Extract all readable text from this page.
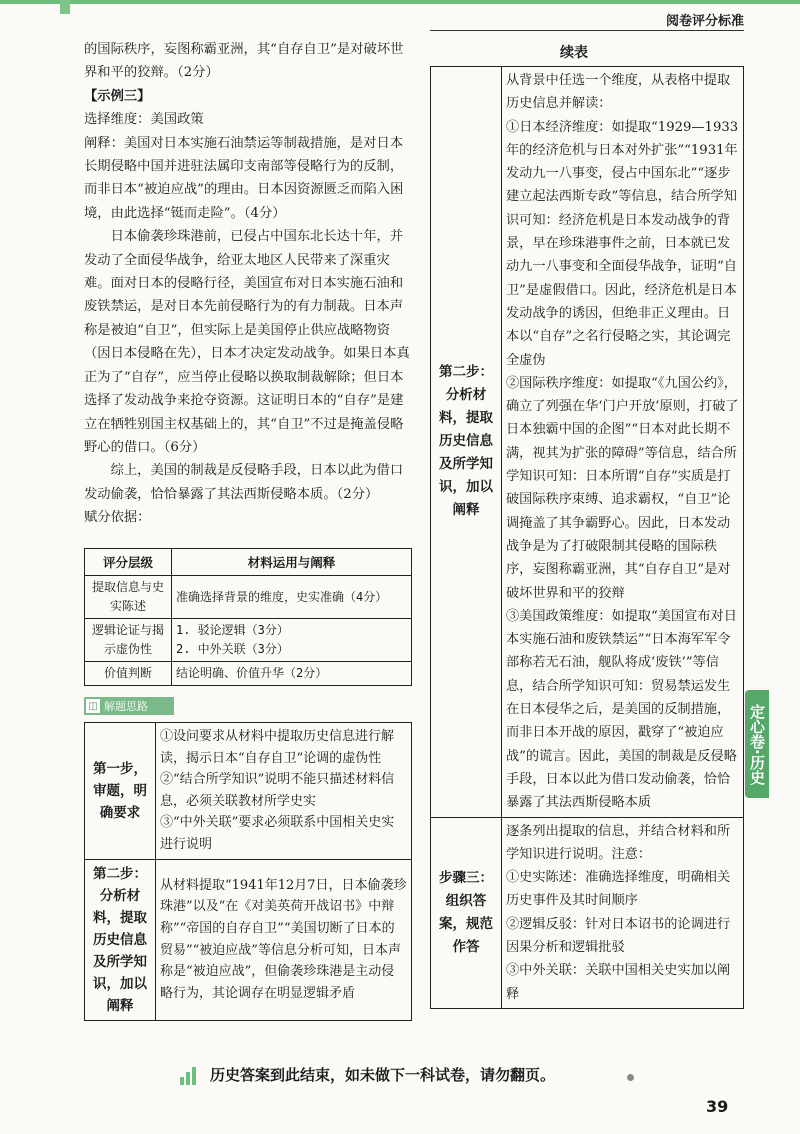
阅卷评分标准
续表

的国际秩序，妄图称霸亚洲，其“自存自卫”是对破坏世界和平的狡辩。（2分）

【示例三】

选择维度：美国政策

阐释：美国对日本实施石油禁运等制裁措施，是对日本长期侵略中国并进驻法属印支南部等侵略行为的反制，而非日本“被迫应战”的理由。日本因资源匮乏而陷入困境，由此选择“铤而走险”。（4分）

日本偷袭珍珠港前，已侵占中国东北长达十年，并发动了全面侵华战争，给亚太地区人民带来了深重灾难。面对日本的侵略行径，美国宣布对日本实施石油和废铁禁运，是对日本先前侵略行为的有力制裁。日本声称是被迫“自卫”，但实际上是美国停止供应战略物资（因日本侵略在先），日本才决定发动战争。如果日本真正为了“自存”，应当停止侵略以换取制裁解除；但日本选择了发动战争来抢夺资源。这证明日本的“自存”是建立在牺牲别国主权基础上的，其“自卫”不过是掩盖侵略野心的借口。（6分）

综上，美国的制裁是反侵略手段，日本以此为借口发动偷袭，恰恰暴露了其法西斯侵略本质。（2分）

赋分依据：

评分层级	材料运用与阐释
提取信息与史实陈述	准确选择背景的维度，史实准确（4分）
逻辑论证与揭示虚伪性	1. 驳论逻辑（3分）
2. 中外关联（3分）
价值判断	结论明确、价值升华（2分）
◫ 解题思路
第一步，审题，明确要求	①设问要求从材料中提取历史信息进行解读，揭示日本“自存自卫”论调的虚伪性
②“结合所学知识”说明不能只描述材料信息，必须关联教材所学史实
③“中外关联”要求必须联系中国相关史实进行说明
第二步：分析材料，提取历史信息及所学知识，加以阐释	从材料提取“1941年12月7日，日本偷袭珍珠港”以及“在《对美英荷开战诏书》中辩称”“帝国的自存自卫”“美国切断了日本的贸易”“被迫应战”等信息分析可知，日本声称是“被迫应战”，但偷袭珍珠港是主动侵略行为，其论调存在明显逻辑矛盾
第二步：分析材料，提取历史信息及所学知识，加以阐释	从背景中任选一个维度，从表格中提取历史信息并解读：
①日本经济维度：如提取“1929—1933年的经济危机与日本对外扩张”“1931年发动九一八事变，侵占中国东北”“逐步建立起法西斯专政”等信息，结合所学知识可知：经济危机是日本发动战争的背景，早在珍珠港事件之前，日本就已发动九一八事变和全面侵华战争，证明“自卫”是虚假借口。因此，经济危机是日本发动战争的诱因，但绝非正义理由。日本以“自存”之名行侵略之实，其论调完全虚伪
②国际秩序维度：如提取“《九国公约》，确立了列强在华‘门户开放’原则，打破了日本独霸中国的企图”“日本对此长期不满，视其为扩张的障碍”等信息，结合所学知识可知：日本所谓“自存”实质是打破国际秩序束缚、追求霸权，“自卫”论调掩盖了其争霸野心。因此，日本发动战争是为了打破限制其侵略的国际秩序，妄图称霸亚洲，其“自存自卫”是对破坏世界和平的狡辩
③美国政策维度：如提取“美国宣布对日本实施石油和废铁禁运”“日本海军军令部称若无石油，舰队将成‘废铁’”等信息，结合所学知识可知：贸易禁运发生在日本侵华之后，是美国的反制措施，而非日本开战的原因，戳穿了“被迫应战”的谎言。因此，美国的制裁是反侵略手段，日本以此为借口发动偷袭，恰恰暴露了其法西斯侵略本质
步骤三：组织答案，规范作答	逐条列出提取的信息，并结合材料和所学知识进行说明。注意：
①史实陈述：准确选择维度，明确相关历史事件及其时间顺序
②逻辑反驳：针对日本诏书的论调进行因果分析和逻辑批驳
③中外关联：关联中国相关史实加以阐释
定心卷·历史
历史答案到此结束，如未做下一科试卷，请勿翻页。
39
